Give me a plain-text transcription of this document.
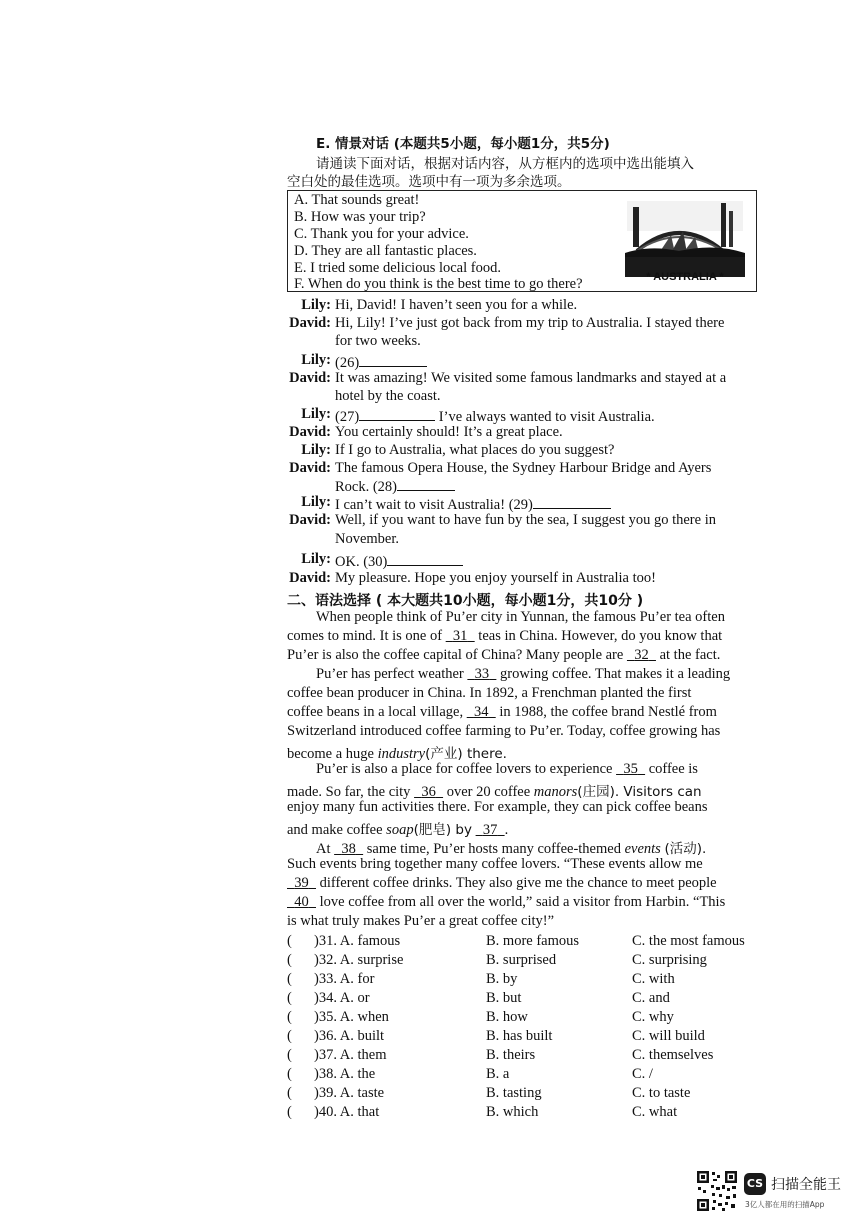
E. 情景对话 (本题共5小题，每小题1分，共5分)
请通读下面对话，根据对话内容，从方框内的选项中选出能填入
空白处的最佳选项。选项中有一项为多余选项。
A. That sounds great!
B. How was your trip?
C. Thank you for your advice.
D. They are all fantastic places.
E. I tried some delicious local food.
F. When do you think is the best time to go there?	* AUSTRALIA *
Lily: Hi, David! I haven’t seen you for a while.
David: Hi, Lily! I’ve just got back from my trip to Australia. I stayed there
for two weeks.
Lily: (26)
David: It was amazing! We visited some famous landmarks and stayed at a
hotel by the coast.
Lily: (27)	I’ve always wanted to visit Australia.
David: You certainly should! It’s a great place.
Lily: If I go to Australia, what places do you suggest?
David: The famous Opera House, the Sydney Harbour Bridge and Ayers
Rock. (28)
Lily: I can’t wait to visit Australia! (29)
David: Well, if you want to have fun by the sea, I suggest you go there in
November.
Lily: OK. (30)
David: My pleasure. Hope you enjoy yourself in Australia too!
二、语法选择 ( 本大题共10小题，每小题1分，共10分 )
When people think of Pu’er city in Yunnan, the famous Pu’er tea often
comes to mind. It is one of 31 teas in China. However, do you know that
Pu’er is also the coffee capital of China? Many people are 32 at the fact.
Pu’er has perfect weather 33 growing coffee. That makes it a leading
coffee bean producer in China. In 1892, a Frenchman planted the first
coffee beans in a local village, 34 in 1988, the coffee brand Nestlé from
Switzerland introduced coffee farming to Pu’er. Today, coffee growing has
become a huge industry(产业) there.
Pu’er is also a place for coffee lovers to experience 35 coffee is
made. So far, the city 36 over 20 coffee manors(庄园). Visitors can
enjoy many fun activities there. For example, they can pick coffee beans
and make coffee soap(肥皂) by 37 .
At 38 same time, Pu’er hosts many coffee-themed events (活动).
Such events bring together many coffee lovers. “These events allow me
39 different coffee drinks. They also give me the chance to meet people
40 love coffee from all over the world,” said a visitor from Harbin. “This
is what truly makes Pu’er a great coffee city!”
( )31. A. famous	B. more famous	C. the most famous
( )32. A. surprise	B. surprised	C. surprising
( )33. A. for	B. by	C. with
( )34. A. or	B. but	C. and
( )35. A. when	B. how	C. why
( )36. A. built	B. has built	C. will build
( )37. A. them	B. theirs	C. themselves
( )38. A. the	B. a	C. /
( )39. A. taste	B. tasting	C. to taste
( )40. A. that	B. which	C. what
CS 扫描全能王
3亿人都在用的扫描App
